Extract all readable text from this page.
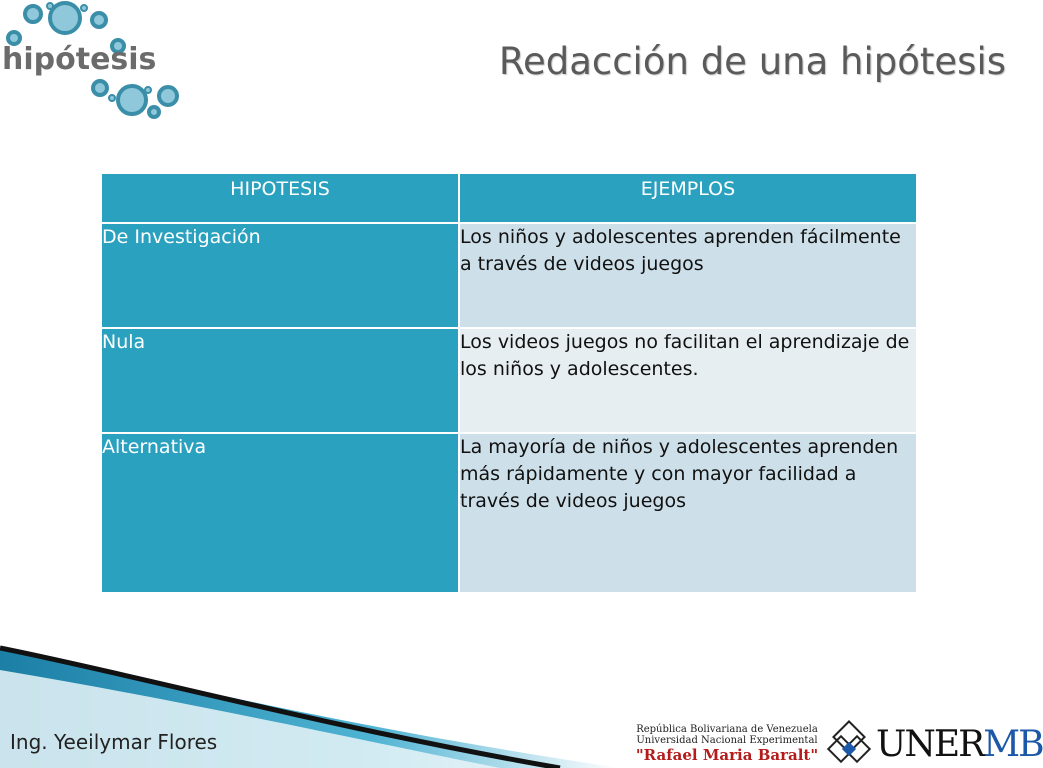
hipótesis	Redacción de una hipótesis
HIPOTESIS	EJEMPLOS
De Investigación	Los niños y adolescentes aprenden fácilmente a través de videos juegos
Nula	Los videos juegos no facilitan el aprendizaje de los niños y adolescentes.
Alternativa	La mayoría de niños y adolescentes aprenden más rápidamente y con mayor facilidad a través de videos juegos
Ing. Yeeilymar Flores
República Bolivariana de Venezuela
Universidad Nacional Experimental
"Rafael Maria Baralt" UNERMB
